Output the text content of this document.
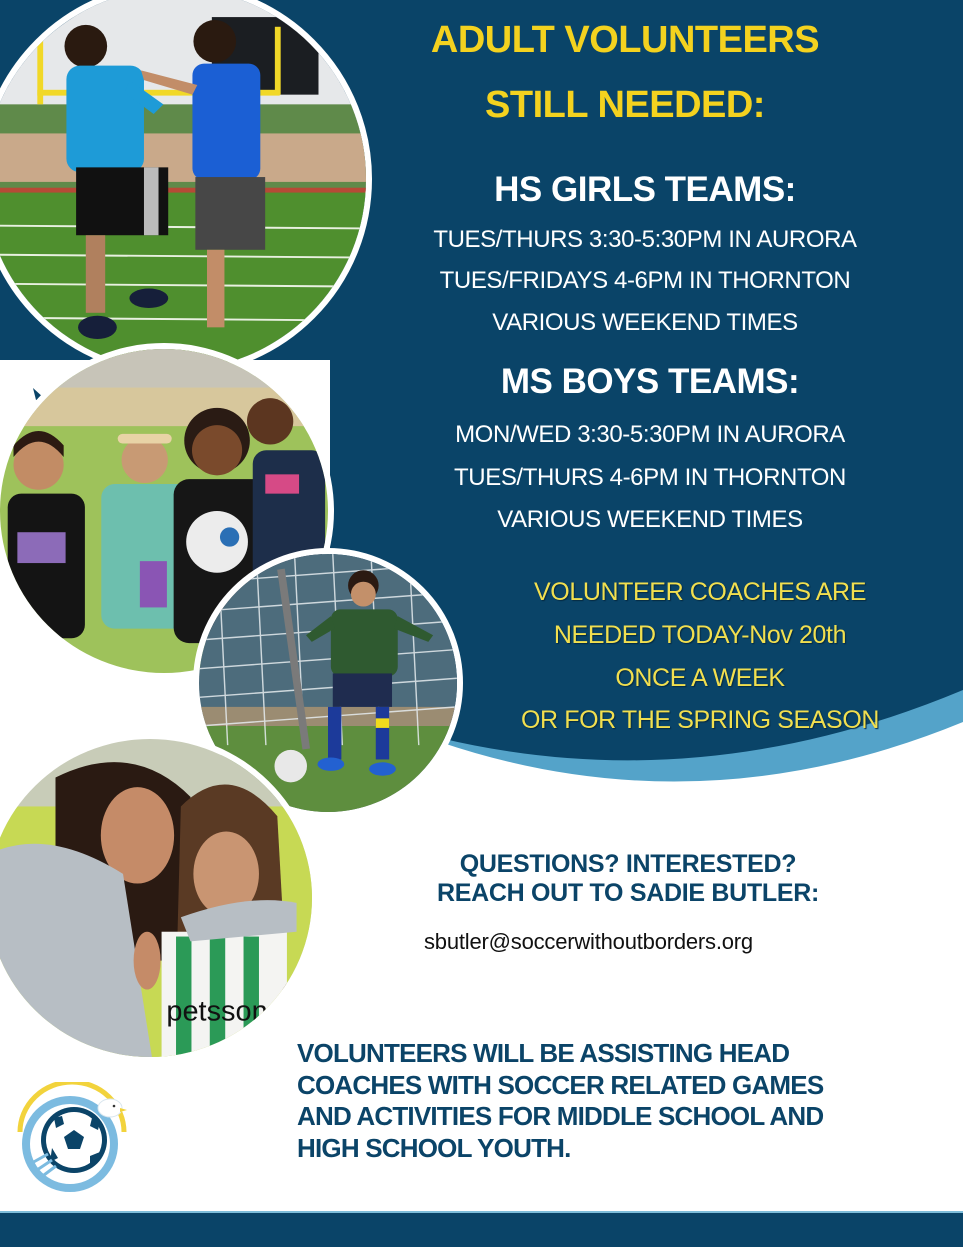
petsson
ADULT VOLUNTEERS
STILL NEEDED:
HS GIRLS TEAMS:
TUES/THURS 3:30-5:30PM IN AURORA
TUES/FRIDAYS 4-6PM IN THORNTON
VARIOUS WEEKEND TIMES
MS BOYS TEAMS:
MON/WED 3:30-5:30PM IN AURORA
TUES/THURS 4-6PM IN THORNTON
VARIOUS WEEKEND TIMES
VOLUNTEER COACHES ARE
NEEDED TODAY-Nov 20th
ONCE A WEEK
OR FOR THE SPRING SEASON
QUESTIONS? INTERESTED?
REACH OUT TO SADIE BUTLER:
sbutler@soccerwithoutborders.org
VOLUNTEERS WILL BE ASSISTING HEAD
COACHES WITH SOCCER RELATED GAMES
AND ACTIVITIES FOR MIDDLE SCHOOL AND
HIGH SCHOOL YOUTH.
